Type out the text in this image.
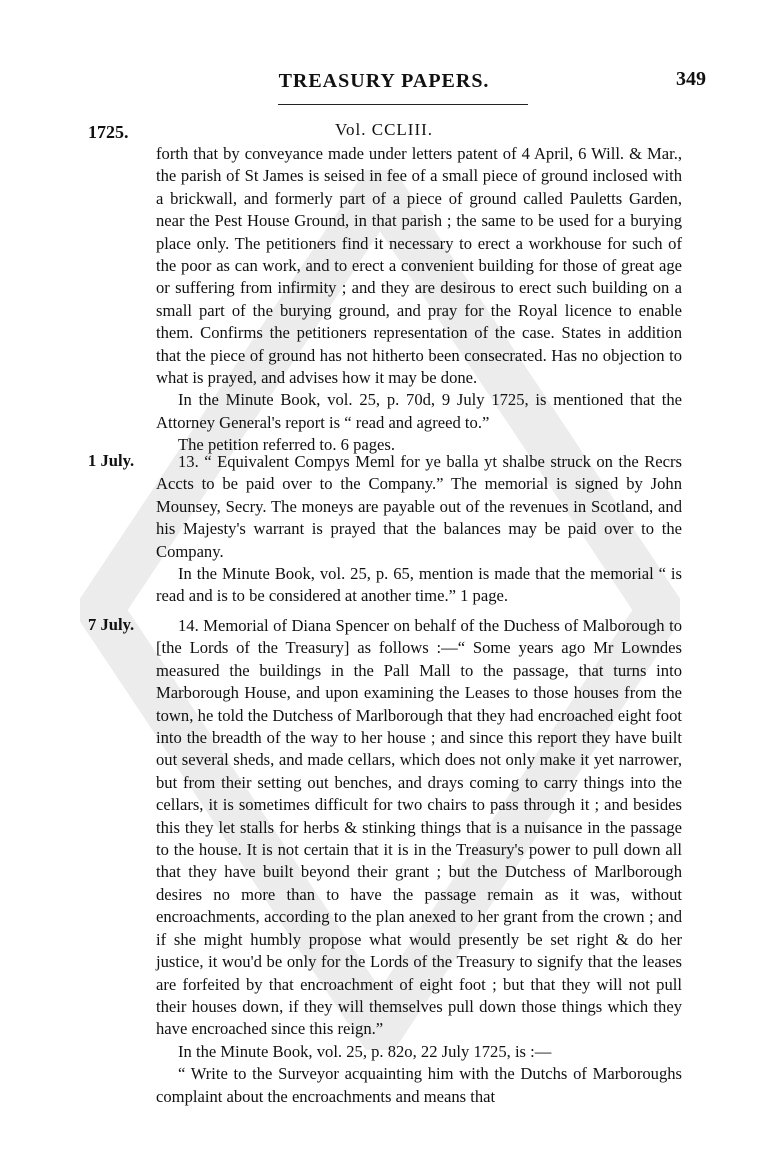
TREASURY PAPERS.	349
1725.	Vol. CCLIII.

forth that by conveyance made under letters patent of 4 April, 6 Will. & Mar., the parish of St James is seised in fee of a small piece of ground inclosed with a brickwall, and formerly part of a piece of ground called Pauletts Garden, near the Pest House Ground, in that parish ; the same to be used for a burying place only. The petitioners find it necessary to erect a workhouse for such of the poor as can work, and to erect a convenient building for those of great age or suffering from infirmity ; and they are desirous to erect such building on a small part of the burying ground, and pray for the Royal licence to enable them. Confirms the petitioners representation of the case. States in addition that the piece of ground has not hitherto been consecrated. Has no objection to what is prayed, and advises how it may be done.

In the Minute Book, vol. 25, p. 70d, 9 July 1725, is mentioned that the Attorney General's report is “ read and agreed to.”

The petition referred to. 6 pages.

1 July.	13. “ Equivalent Compys Meml for ye balla yt shalbe struck on the Recrs Accts to be paid over to the Company.” The memorial is signed by John Mounsey, Secry. The moneys are payable out of the revenues in Scotland, and his Majesty's warrant is prayed that the balances may be paid over to the Company.

In the Minute Book, vol. 25, p. 65, mention is made that the memorial “ is read and is to be considered at another time.” 1 page.

7 July.	14. Memorial of Diana Spencer on behalf of the Duchess of Malborough to [the Lords of the Treasury] as follows :—“ Some years ago Mr Lowndes measured the buildings in the Pall Mall to the passage, that turns into Marborough House, and upon examining the Leases to those houses from the town, he told the Dutchess of Marlborough that they had encroached eight foot into the breadth of the way to her house ; and since this report they have built out several sheds, and made cellars, which does not only make it yet narrower, but from their setting out benches, and drays coming to carry things into the cellars, it is sometimes difficult for two chairs to pass through it ; and besides this they let stalls for herbs & stinking things that is a nuisance in the passage to the house. It is not certain that it is in the Treasury's power to pull down all that they have built beyond their grant ; but the Dutchess of Marlborough desires no more than to have the passage remain as it was, without encroachments, according to the plan anexed to her grant from the crown ; and if she might humbly propose what would presently be set right & do her justice, it wou'd be only for the Lords of the Treasury to signify that the leases are forfeited by that encroachment of eight foot ; but that they will not pull their houses down, if they will themselves pull down those things which they have encroached since this reign.”

In the Minute Book, vol. 25, p. 82o, 22 July 1725, is :—

“ Write to the Surveyor acquainting him with the Dutchs of Marboroughs complaint about the encroachments and means that
